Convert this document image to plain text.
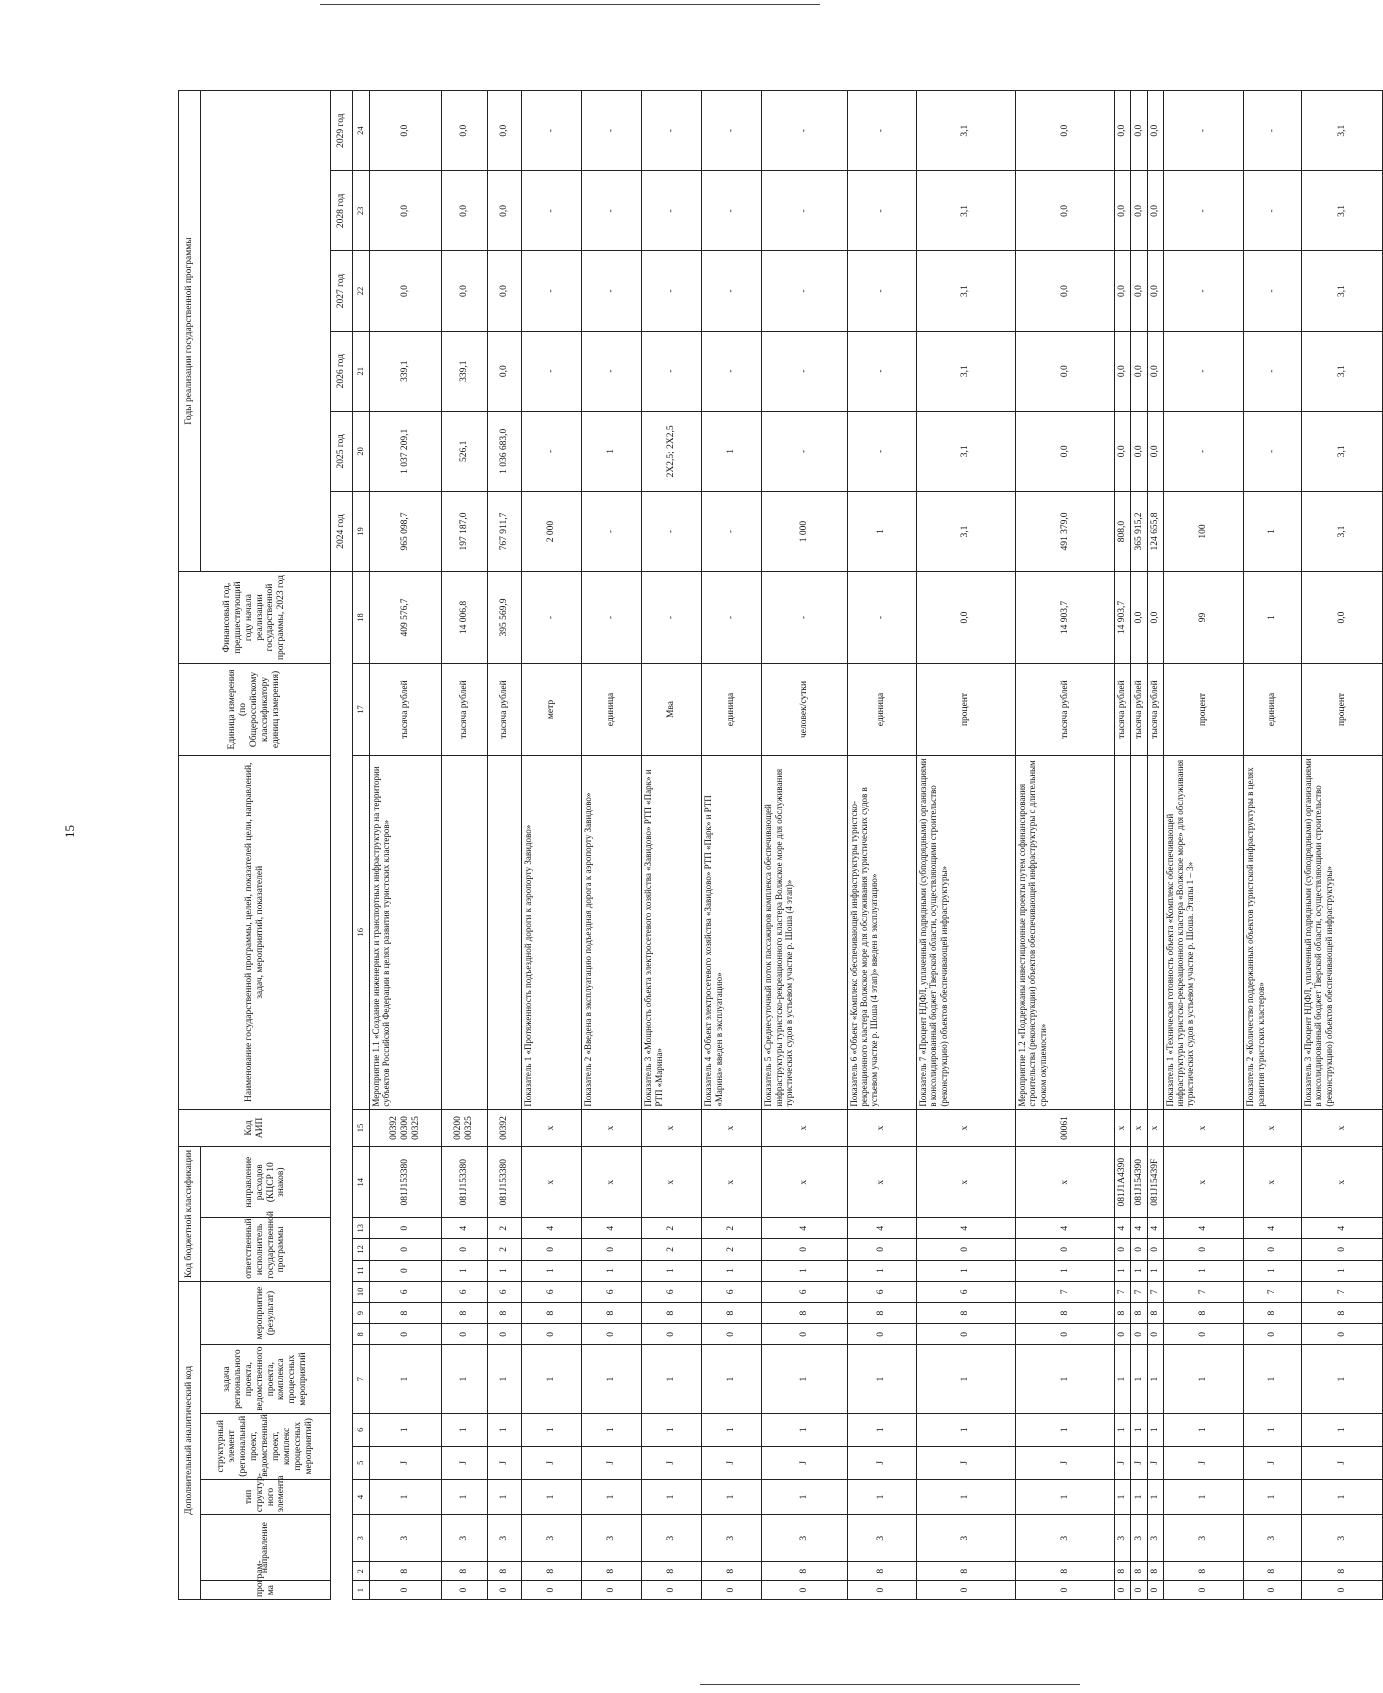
15
Дополнительный аналитический код										Код бюджетной классификации				Код АИП	Наименование государственной программы, целей, показателей цели, направлений, задач, мероприятий, показателей	Единица измерения (по Общероссийскому классификатору единиц измерения)	Финансовый год, предшествующий году начала реализации государственной программы, 2023 год	Годы реализации государственной программы					
програм-ма	направление		тип структур-ного элемента	структурный элемент (региональный проект, ведомственный проект, комплекс процессных мероприятий)		задача регионального проекта, ведомственного проекта, комплекса процессных мероприятий	мероприятие (результат)			ответственный исполнитель государственной программы			направление расходов (КЦСР 10 знаков)										

																		2024 год	2025 год	2026 год	2027 год	2028 год	2029 год
1	2	3	4	5	6	7	8	9	10	11	12	13	14	15	16	17	18	19	20	21	22	23	24
0	8	3	1	J	1	1	0	8	6	0	0	0	081J153380	00392 00300 00325	Мероприятие 1.1 «Создание инженерных и транспортных инфраструктур на территории субъектов Российской Федерации в целях развития туристских кластеров»	тысяча рублей	409 576,7	965 098,7	1 037 209,1	339,1	0,0	0,0	0,0
0	8	3	1	J	1	1	0	8	6	1	0	4	081J153380	00200 00325		тысяча рублей	14 006,8	197 187,0	526,1	339,1	0,0	0,0	0,0
0	8	3	1	J	1	1	0	8	6	1	2	2	081J153380	00392		тысяча рублей	395 569,9	767 911,7	1 036 683,0	0,0	0,0	0,0	0,0
0	8	3	1	J	1	1	0	8	6	1	0	4	x	x	Показатель 1 «Протяженность подъездной дороги к аэропорту Завидово»	метр	-	2 000	-	-	-	-	-
0	8	3	1	J	1	1	0	8	6	1	0	4	x	x	Показатель 2 «Введена в эксплуатацию подъездная дорога к аэропорту Завидово»	единица	-	-	1	-	-	-	-
0	8	3	1	J	1	1	0	8	6	1	2	2	x	x	Показатель 3 «Мощность объекта электросетевого хозяйства «Завидово» РТП «Парк» и РТП «Марина»	Мва	-	-	2Х2,5; 2Х2,5	-	-	-	-
0	8	3	1	J	1	1	0	8	6	1	2	2	x	x	Показатель 4 «Объект электросетевого хозяйства «Завидово» РТП «Парк» и РТП «Марина» введен в эксплуатацию»	единица	-	-	1	-	-	-	-
0	8	3	1	J	1	1	0	8	6	1	0	4	x	x	Показатель 5 «Среднесуточный поток пассажиров комплекса обеспечивающей инфраструктуры туристско-рекреационного кластера Волжское море для обслуживания туристических судов в устьевом участке р. Шоша (4 этап)»	человек/сутки	-	1 000	-	-	-	-	-
0	8	3	1	J	1	1	0	8	6	1	0	4	x	x	Показатель 6 «Объект «Комплекс обеспечивающей инфраструктуры туристско-рекреационного кластера Волжское море для обслуживания туристических судов в устьевом участке р. Шоша (4 этап)» введен в эксплуатацию»	единица	-	1	-	-	-	-	-
0	8	3	1	J	1	1	0	8	6	1	0	4	x	x	Показатель 7 «Процент НДФЛ, уплаченный подрядными (субподрядными) организациями в консолидированный бюджет Тверской области, осуществляющими строительство (реконструкцию) объектов обеспечивающей инфраструктуры»	процент	0,0	3,1	3,1	3,1	3,1	3,1	3,1
0	8	3	1	J	1	1	0	8	7	1	0	4	x	00061	Мероприятие 1.2 «Поддержаны инвестиционные проекты путем софинансирования строительства (реконструкции) объектов обеспечивающей инфраструктуры с длительным сроком окупаемости»	тысяча рублей	14 903,7	491 379,0	0,0	0,0	0,0	0,0	0,0
0	8	3	1	J	1	1	0	8	7	1	0	4	081J1A4390	x		тысяча рублей	14 903,7	808,0	0,0	0,0	0,0	0,0	0,0
0	8	3	1	J	1	1	0	8	7	1	0	4	081J154390	x		тысяча рублей	0,0	365 915,2	0,0	0,0	0,0	0,0	0,0
0	8	3	1	J	1	1	0	8	7	1	0	4	081J15439F	x		тысяча рублей	0,0	124 655,8	0,0	0,0	0,0	0,0	0,0
0	8	3	1	J	1	1	0	8	7	1	0	4	x	x	Показатель 1 «Техническая готовность объекта «Комплекс обеспечивающей инфраструктуры туристско-рекреационного кластера «Волжское море» для обслуживания туристических судов в устьевом участке р. Шоша. Этапы 1 – 3»	процент	99	100	-	-	-	-	-
0	8	3	1	J	1	1	0	8	7	1	0	4	x	x	Показатель 2 «Количество поддержанных объектов туристской инфраструктуры в целях развития туристских кластеров»	единица	1	1	-	-	-	-	-
0	8	3	1	J	1	1	0	8	7	1	0	4	x	x	Показатель 3 «Процент НДФЛ, уплаченный подрядными (субподрядными) организациями в консолидированный бюджет Тверской области, осуществляющими строительство (реконструкцию) объектов обеспечивающей инфраструктуры»	процент	0,0	3,1	3,1	3,1	3,1	3,1	3,1
